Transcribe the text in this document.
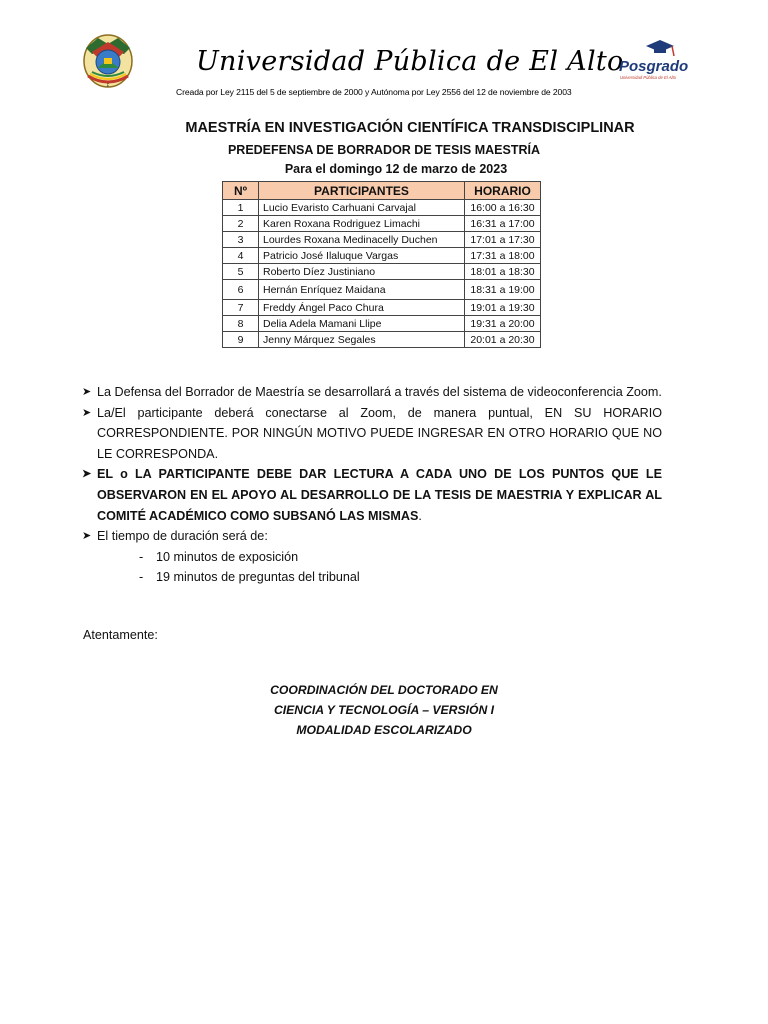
E
Universidad Pública de El Alto
Creada por Ley 2115 del 5 de septiembre de 2000 y Autónoma por Ley 2556 del 12 de noviembre de 2003
Posgrado
Universidad Pública de El Alto
MAESTRÍA EN INVESTIGACIÓN CIENTÍFICA TRANSDISCIPLINAR
PREDEFENSA DE BORRADOR DE TESIS MAESTRÍA
Para el domingo 12 de marzo de 2023
Nº	PARTICIPANTES	HORARIO
1	Lucio Evaristo Carhuani Carvajal	16:00 a 16:30
2	Karen Roxana Rodriguez Limachi	16:31 a 17:00
3	Lourdes Roxana Medinacelly Duchen	17:01 a 17:30
4	Patricio José Ilaluque Vargas	17:31 a 18:00
5	Roberto Díez Justiniano	18:01 a 18:30
6	Hernán Enríquez Maidana	18:31 a 19:00
7	Freddy Ángel Paco Chura	19:01 a 19:30
8	Delia Adela Mamani Llipe	19:31 a 20:00
9	Jenny Márquez Segales	20:01 a 20:30
➤ La Defensa del Borrador de Maestría se desarrollará a través del sistema de videoconferencia Zoom.
➤ La/El participante deberá conectarse al Zoom, de manera puntual, EN SU HORARIO CORRESPONDIENTE. POR NINGÚN MOTIVO PUEDE INGRESAR EN OTRO HORARIO QUE NO LE CORRESPONDA.
➤ EL o LA PARTICIPANTE DEBE DAR LECTURA A CADA UNO DE LOS PUNTOS QUE LE OBSERVARON EN EL APOYO AL DESARROLLO DE LA TESIS DE MAESTRIA Y EXPLICAR AL COMITÉ ACADÉMICO COMO SUBSANÓ LAS MISMAS.
➤ El tiempo de duración será de:
- 10 minutos de exposición
- 19 minutos de preguntas del tribunal
Atentamente:
COORDINACIÓN DEL DOCTORADO EN
CIENCIA Y TECNOLOGÍA – VERSIÓN I
MODALIDAD ESCOLARIZADO
